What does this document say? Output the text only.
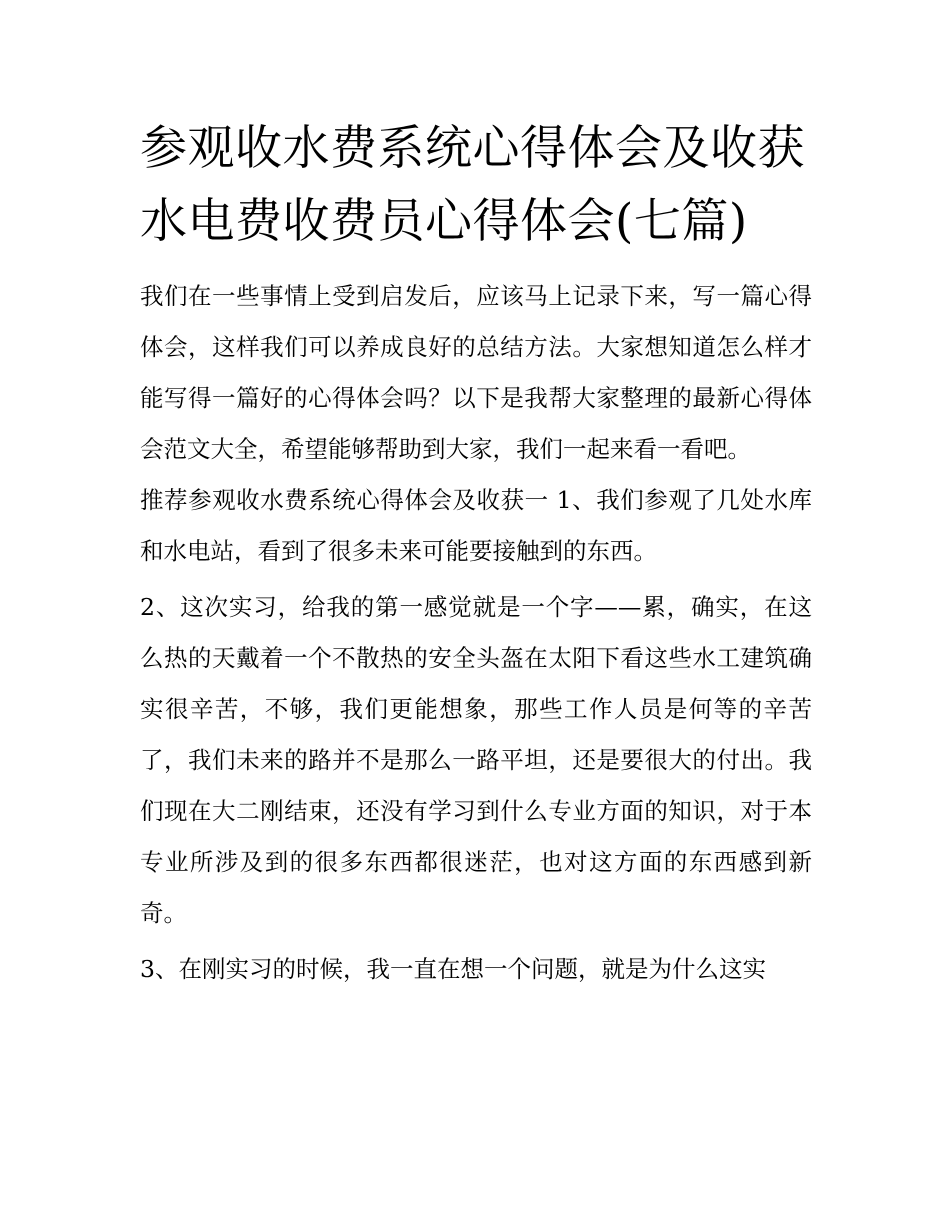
参观收水费系统心得体会及收获 水电费收费员心得体会(七篇)

我们在一些事情上受到启发后，应该马上记录下来，写一篇心得体会，这样我们可以养成良好的总结方法。大家想知道怎么样才能写得一篇好的心得体会吗？以下是我帮大家整理的最新心得体会范文大全，希望能够帮助到大家，我们一起来看一看吧。

推荐参观收水费系统心得体会及收获一 1、我们参观了几处水库和水电站，看到了很多未来可能要接触到的东西。

2、这次实习，给我的第一感觉就是一个字——累，确实，在这么热的天戴着一个不散热的安全头盔在太阳下看这些水工建筑确实很辛苦，不够，我们更能想象，那些工作人员是何等的辛苦了，我们未来的路并不是那么一路平坦，还是要很大的付出。我们现在大二刚结束，还没有学习到什么专业方面的知识，对于本专业所涉及到的很多东西都很迷茫，也对这方面的东西感到新奇。

3、在刚实习的时候，我一直在想一个问题，就是为什么这实
